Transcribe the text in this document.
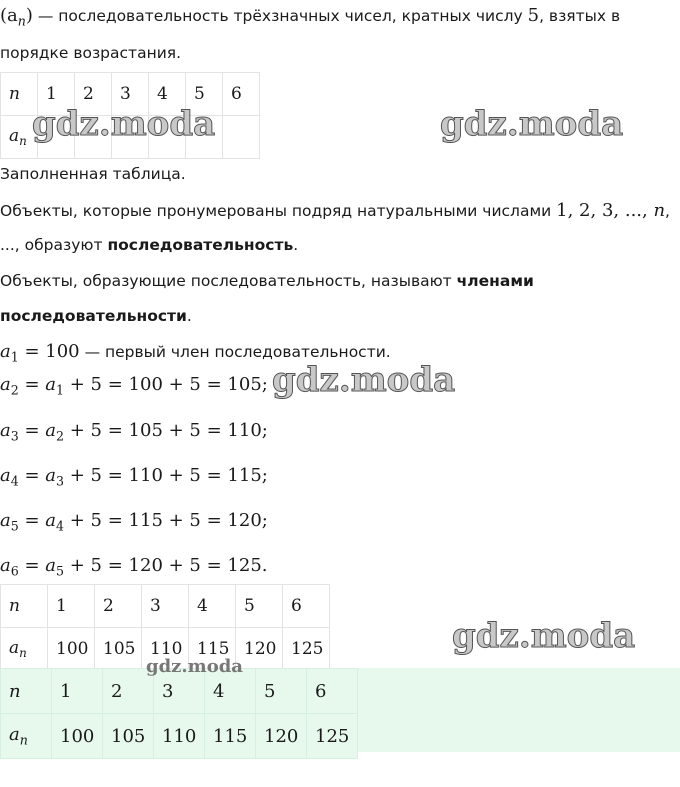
$(a_n)$ — последовательность трёхзначных чисел, кратных числу 5, взятых в
порядке возрастания.
n	1	2	3	4	5	6
$a_n$						
Заполненная таблица.
Объекты, которые пронумерованы подряд натуральными числами 1, 2, 3, ..., n,
..., образуют последовательность.
Объекты, образующие последовательность, называют членами
последовательности.
$a_1 = 100$ — первый член последовательности.
$a_2 = a_1 + 5 = 100 + 5 = 105$;
$a_3 = a_2 + 5 = 105 + 5 = 110$;
$a_4 = a_3 + 5 = 110 + 5 = 115$;
$a_5 = a_4 + 5 = 115 + 5 = 120$;
$a_6 = a_5 + 5 = 120 + 5 = 125$.
n	1	2	3	4	5	6
$a_n$	100	105	110	115	120	125
n	1	2	3	4	5	6
$a_n$	100	105	110	115	120	125
gdz.moda	gdz.moda
gdz.moda
gdz.moda
gdz.moda
